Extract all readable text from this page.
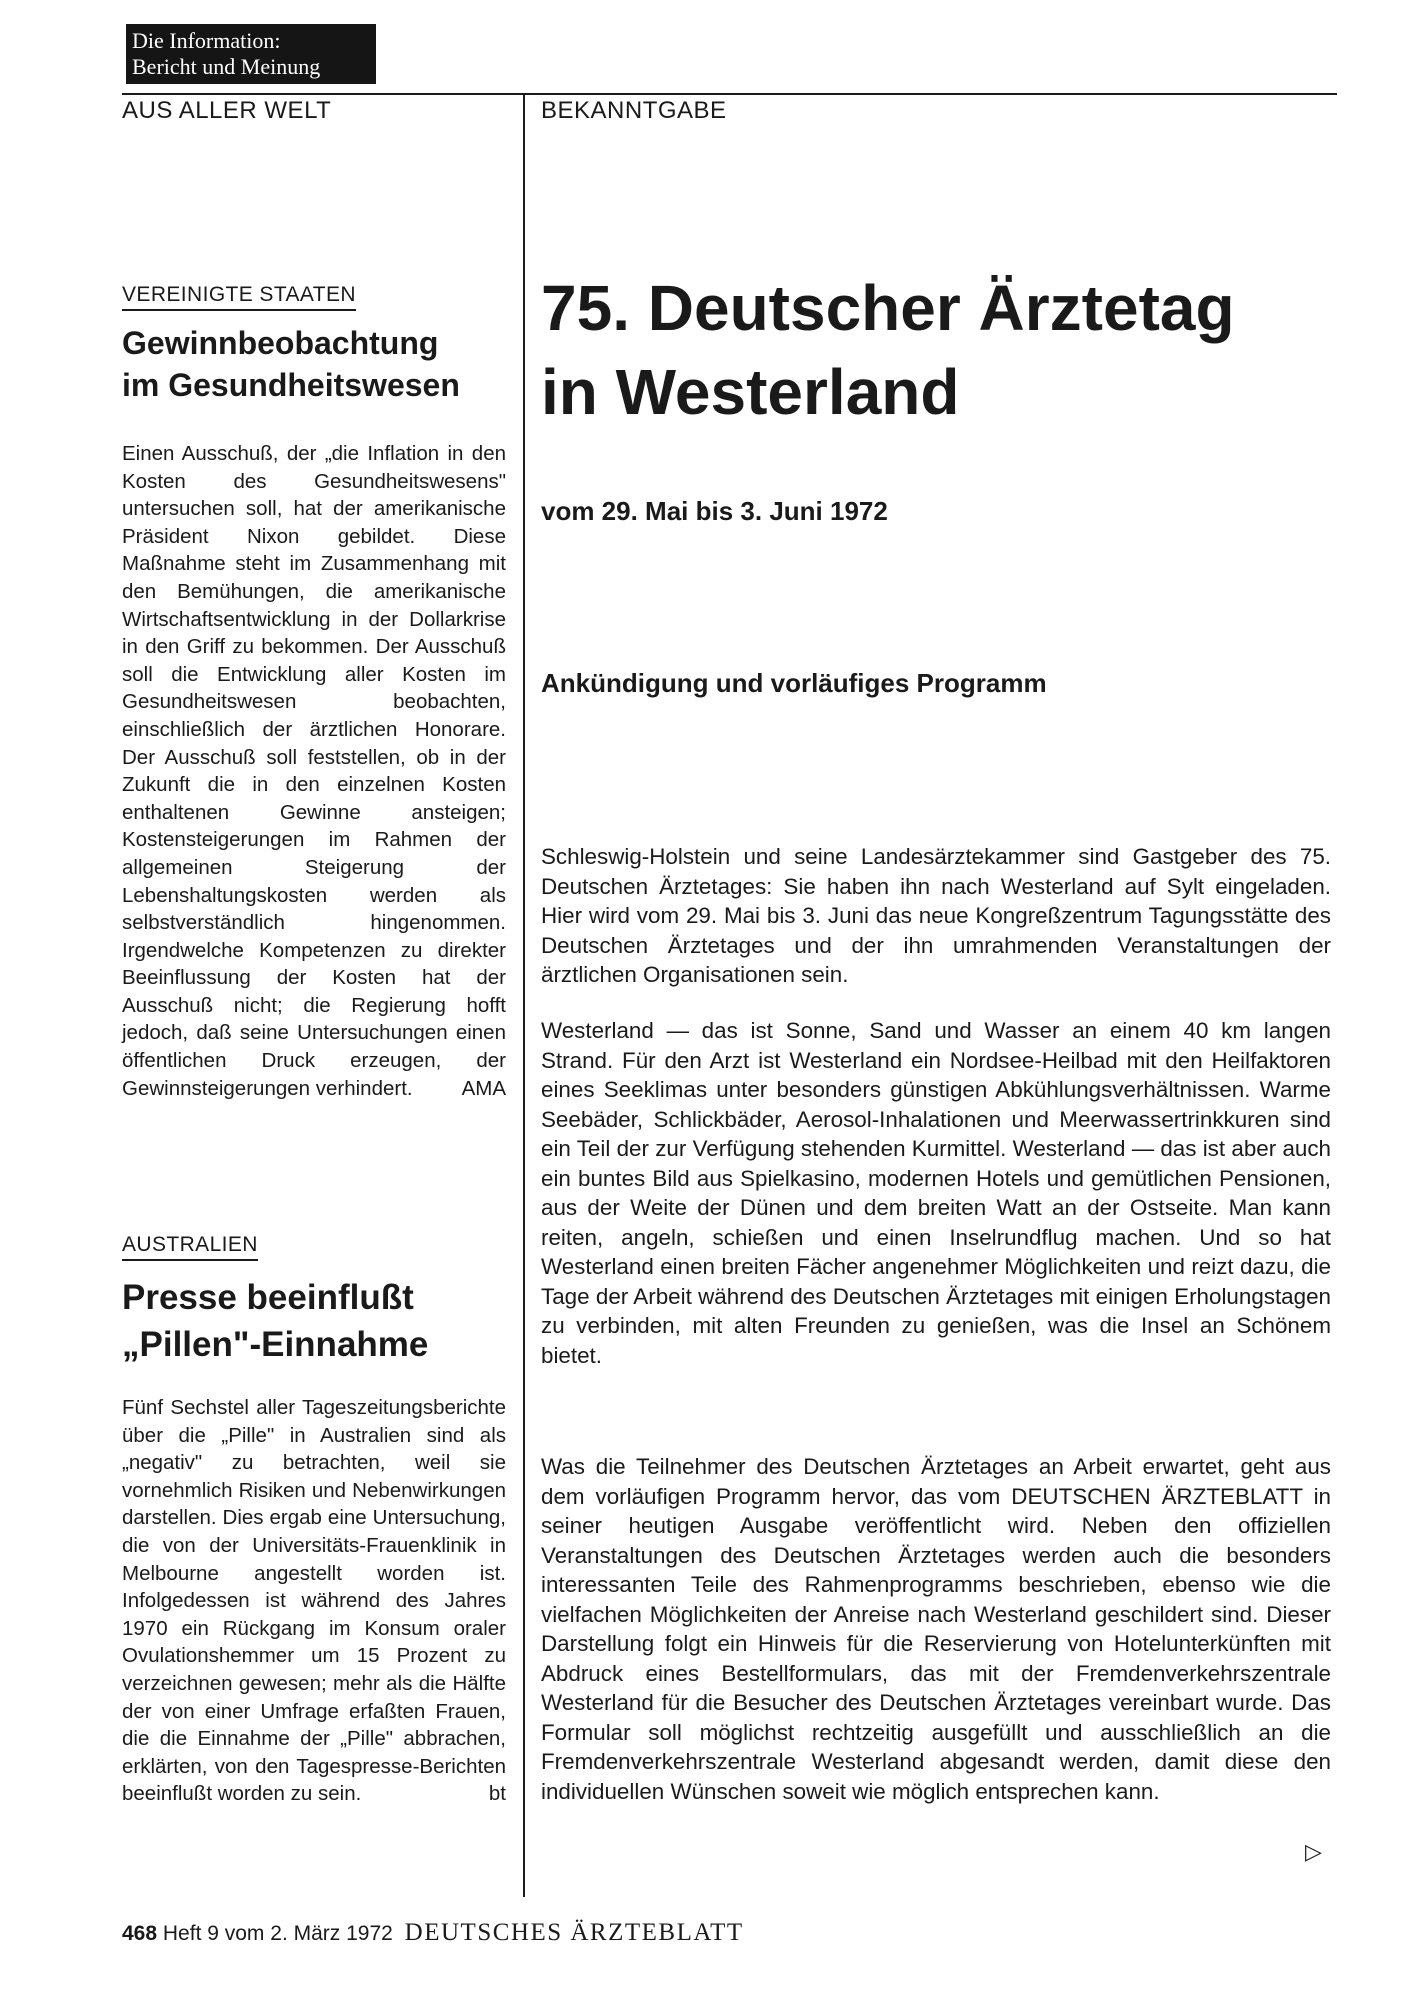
Die Information:
Bericht und Meinung
AUS ALLER WELT	BEKANNTGABE
VEREINIGTE STAATEN
Gewinnbeobachtung
im Gesundheitswesen

Einen Ausschuß, der „die Inflation in den Kosten des Gesundheitswesens" untersuchen soll, hat der amerikanische Präsident Nixon gebildet. Diese Maßnahme steht im Zusammenhang mit den Bemühungen, die amerikanische Wirtschaftsentwicklung in der Dollarkrise in den Griff zu bekommen. Der Ausschuß soll die Entwicklung aller Kosten im Gesundheitswesen beobachten, einschließlich der ärztlichen Honorare. Der Ausschuß soll feststellen, ob in der Zukunft die in den einzelnen Kosten enthaltenen Gewinne ansteigen; Kostensteigerungen im Rahmen der allgemeinen Steigerung der Lebenshaltungskosten werden als selbstverständlich hingenommen. Irgendwelche Kompetenzen zu direkter Beeinflussung der Kosten hat der Ausschuß nicht; die Regierung hofft jedoch, daß seine Untersuchungen einen öffentlichen Druck erzeugen, der Gewinnsteigerungen verhindert.	AMA

AUSTRALIEN
Presse beeinflußt
„Pillen"-Einnahme

Fünf Sechstel aller Tageszeitungsberichte über die „Pille" in Australien sind als „negativ" zu betrachten, weil sie vornehmlich Risiken und Nebenwirkungen darstellen. Dies ergab eine Untersuchung, die von der Universitäts-Frauenklinik in Melbourne angestellt worden ist. Infolgedessen ist während des Jahres 1970 ein Rückgang im Konsum oraler Ovulationshemmer um 15 Prozent zu verzeichnen gewesen; mehr als die Hälfte der von einer Umfrage erfaßten Frauen, die die Einnahme der „Pille" abbrachen, erklärten, von den Tagespresse-Berichten beeinflußt worden zu sein.	bt

75. Deutscher Ärztetag
in Westerland
vom 29. Mai bis 3. Juni 1972
Ankündigung und vorläufiges Programm

Schleswig-Holstein und seine Landesärztekammer sind Gastgeber des 75. Deutschen Ärztetages: Sie haben ihn nach Westerland auf Sylt eingeladen. Hier wird vom 29. Mai bis 3. Juni das neue Kongreßzentrum Tagungsstätte des Deutschen Ärztetages und der ihn umrahmenden Veranstaltungen der ärztlichen Organisationen sein.

Westerland — das ist Sonne, Sand und Wasser an einem 40 km langen Strand. Für den Arzt ist Westerland ein Nordsee-Heilbad mit den Heilfaktoren eines Seeklimas unter besonders günstigen Abkühlungsverhältnissen. Warme Seebäder, Schlickbäder, Aerosol-Inhalationen und Meerwassertrinkkuren sind ein Teil der zur Verfügung stehenden Kurmittel. Westerland — das ist aber auch ein buntes Bild aus Spielkasino, modernen Hotels und gemütlichen Pensionen, aus der Weite der Dünen und dem breiten Watt an der Ostseite. Man kann reiten, angeln, schießen und einen Inselrundflug machen. Und so hat Westerland einen breiten Fächer angenehmer Möglichkeiten und reizt dazu, die Tage der Arbeit während des Deutschen Ärztetages mit einigen Erholungstagen zu verbinden, mit alten Freunden zu genießen, was die Insel an Schönem bietet.

Was die Teilnehmer des Deutschen Ärztetages an Arbeit erwartet, geht aus dem vorläufigen Programm hervor, das vom DEUTSCHEN ÄRZTEBLATT in seiner heutigen Ausgabe veröffentlicht wird. Neben den offiziellen Veranstaltungen des Deutschen Ärztetages werden auch die besonders interessanten Teile des Rahmenprogramms beschrieben, ebenso wie die vielfachen Möglichkeiten der Anreise nach Westerland geschildert sind. Dieser Darstellung folgt ein Hinweis für die Reservierung von Hotelunterkünften mit Abdruck eines Bestellformulars, das mit der Fremdenverkehrszentrale Westerland für die Besucher des Deutschen Ärztetages vereinbart wurde. Das Formular soll möglichst rechtzeitig ausgefüllt und ausschließlich an die Fremdenverkehrszentrale Westerland abgesandt werden, damit diese den individuellen Wünschen soweit wie möglich entsprechen kann.

▷
468 Heft 9 vom 2. März 1972 DEUTSCHES ÄRZTEBLATT
